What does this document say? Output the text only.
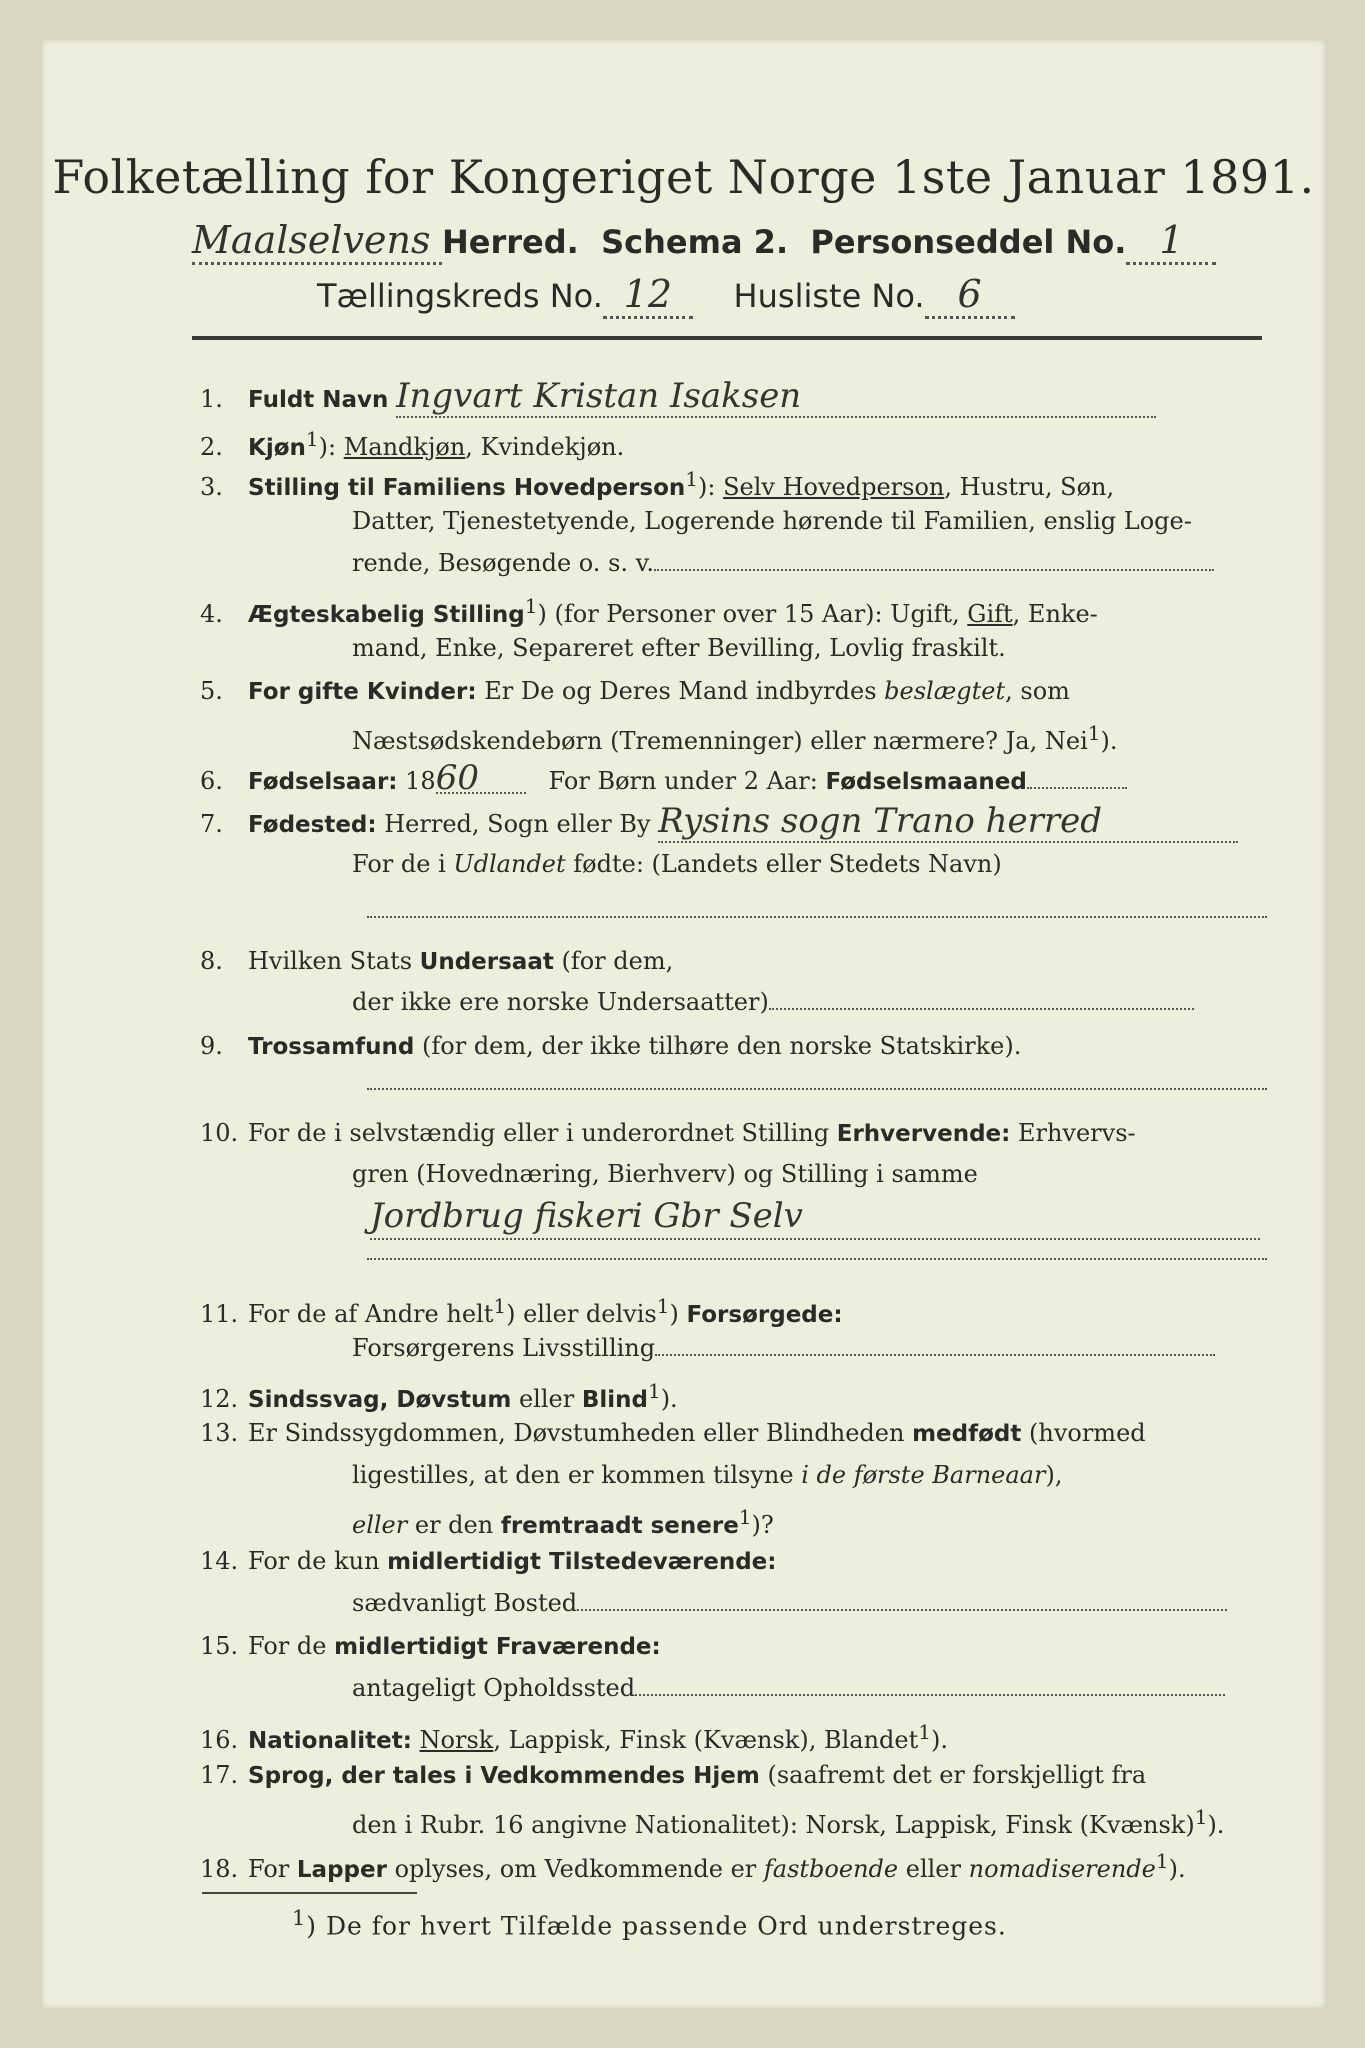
Folketælling for Kongeriget Norge 1ste Januar 1891.
Maalselvens Herred. Schema 2. Personseddel No. 1
Tællingskreds No. 12 Husliste No. 6
1. Fuldt Navn Ingvart Kristan Isaksen
2. Kjøn$^1$): Mandkjøn, Kvindekjøn.
3. Stilling til Familiens Hovedperson$^1$): Selv Hovedperson, Hustru, Søn,
Datter, Tjenestetyende, Logerende hørende til Familien, enslig Loge-
rende, Besøgende o. s. v.
4. Ægteskabelig Stilling$^1$) (for Personer over 15 Aar): Ugift, Gift, Enke-
mand, Enke, Separeret efter Bevilling, Lovlig fraskilt.
5. For gifte Kvinder: Er De og Deres Mand indbyrdes beslægtet, som
Næstsødskendebørn (Tremenninger) eller nærmere? Ja, Nei$^1$).
6. Fødselsaar: 1860	For Børn under 2 Aar: Fødselsmaaned
7. Fødested: Herred, Sogn eller By Rysins sogn Trano herred
For de i Udlandet fødte: (Landets eller Stedets Navn)
8. Hvilken Stats Undersaat (for dem,
der ikke ere norske Undersaatter)
9. Trossamfund (for dem, der ikke tilhøre den norske Statskirke).
10. For de i selvstændig eller i underordnet Stilling Erhvervende: Erhvervs-
gren (Hovednæring, Bierhverv) og Stilling i samme
Jordbrug fiskeri Gbr Selv
11. For de af Andre helt$^1$) eller delvis$^1$) Forsørgede:
Forsørgerens Livsstilling
12. Sindssvag, Døvstum eller Blind$^1$).
13. Er Sindssygdommen, Døvstumheden eller Blindheden medfødt (hvormed
ligestilles, at den er kommen tilsyne i de første Barneaar),
eller er den fremtraadt senere$^1$)?
14. For de kun midlertidigt Tilstedeværende:
sædvanligt Bosted
15. For de midlertidigt Fraværende:
antageligt Opholdssted
16. Nationalitet: Norsk, Lappisk, Finsk (Kvænsk), Blandet$^1$).
17. Sprog, der tales i Vedkommendes Hjem (saafremt det er forskjelligt fra
den i Rubr. 16 angivne Nationalitet): Norsk, Lappisk, Finsk (Kvænsk)$^1$).
18. For Lapper oplyses, om Vedkommende er fastboende eller nomadiserende$^1$).
$^1$) De for hvert Tilfælde passende Ord understreges.
